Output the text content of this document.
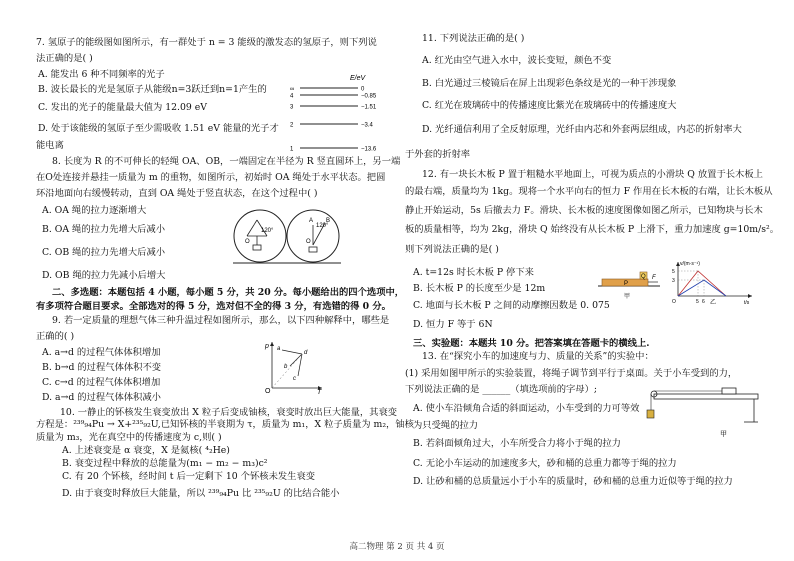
7. 氢原子的能级图如图所示，有一群处于 n = 3 能级的激发态的氢原子，则下列说
法正确的是( )
A. 能发出 6 种不同频率的光子
B. 波长最长的光是氢原子从能级n=3跃迁到n=1产生的
C. 发出的光子的能量最大值为 12.09 eV
D. 处于该能级的氢原子至少需吸收 1.51 eV 能量的光子才
能电离
8. 长度为 R 的不可伸长的轻绳 OA、OB，一端固定在半径为 R 竖直圆环上，另一端
在O处连接并悬挂一质量为 m 的重物，如图所示，初始时 OA 绳处于水平状态。把圆
环沿地面向右缓慢转动，直到 OA 绳处于竖直状态，在这个过程中( )
A. OA 绳的拉力逐渐增大
B. OA 绳的拉力先增大后减小
C. OB 绳的拉力先增大后减小
D. OB 绳的拉力先减小后增大
二、多选题：本题包括 4 小题，每小题 5 分，共 20 分。每小题给出的四个选项中，
有多项符合题目要求。全部选对的得 5 分，选对但不全的得 3 分，有选错的得 0 分。
9. 若一定质量的理想气体三种升温过程如图所示，那么，以下四种解释中，哪些是
正确的( )
A. a→d 的过程气体体积增加
B. b→d 的过程气体体积不变
C. c→d 的过程气体体积增加
D. a→d 的过程气体体积减小
10. 一静止的钚核发生衰变放出 X 粒子后变成铀核，衰变时放出巨大能量，其衰变
方程是：²³⁹₉₄Pu → X+²³⁵₉₂U,已知钚核的半衰期为 τ，质量为 m₁，X 粒子质量为 m₂，铀核
质量为 m₃，光在真空中的传播速度为 c,则( )
A. 上述衰变是 α 衰变，X 是氦核( ⁴₂He)
B. 衰变过程中释放的总能量为(m₁ − m₂ − m₃)c²
C. 有 20 个钚核，经时间 t 后一定剩下 10 个钚核未发生衰变
D. 由于衰变时释放巨大能量，所以 ²³⁹₉₄Pu 比 ²³⁵₉₂U 的比结合能小
11. 下列说法正确的是( )
A. 红光由空气进入水中，波长变短，颜色不变
B. 白光通过三棱镜后在屏上出现彩色条纹是光的一种干涉现象
C. 红光在玻璃砖中的传播速度比紫光在玻璃砖中的传播速度大
D. 光纤通信利用了全反射原理，光纤由内芯和外套两层组成，内芯的折射率大
于外套的折射率
12. 有一块长木板 P 置于粗糙水平地面上，可视为质点的小滑块 Q 放置于长木板上
的最右端，质量均为 1kg。现将一个水平向右的恒力 F 作用在长木板的右端，让长木板从
静止开始运动，5s 后撤去力 F。滑块、长木板的速度图像如图乙所示，已知物块与长木
板的质量相等，均为 2kg，滑块 Q 始终没有从长木板 P 上滑下，重力加速度 g=10m/s²。
则下列说法正确的是( )
A. t=12s 时长木板 P 停下来
B. 长木板 P 的长度至少是 12m
C. 地面与长木板 P 之间的动摩擦因数是 0. 075
D. 恒力 F 等于 6N
三、实验题：本题共 10 分。把答案填在答题卡的横线上.
13. 在“探究小车的加速度与力、质量的关系”的实验中：
(1) 采用如图甲所示的实验装置，将绳子调节到平行于桌面。关于小车受到的力，
下列说法正确的是 ______（填选项前的字母）;
A. 使小车沿倾角合适的斜面运动，小车受到的力可等效
为只受绳的拉力
B. 若斜面倾角过大，小车所受合力将小于绳的拉力
C. 无论小车运动的加速度多大，砂和桶的总重力都等于绳的拉力
D. 让砂和桶的总质量远小于小车的质量时，砂和桶的总重力近似等于绳的拉力
E/eV
∞	0
4	−0.85
3	−1.51
2	−3.4
1	−13.6
120°
O
120°
O
A B
p
T
O
d
a
b
c
Q
P
F
甲
v/(m·s⁻¹)
t/s
O
5
3
5 6 乙
甲
高二物理 第 2 页 共 4 页
